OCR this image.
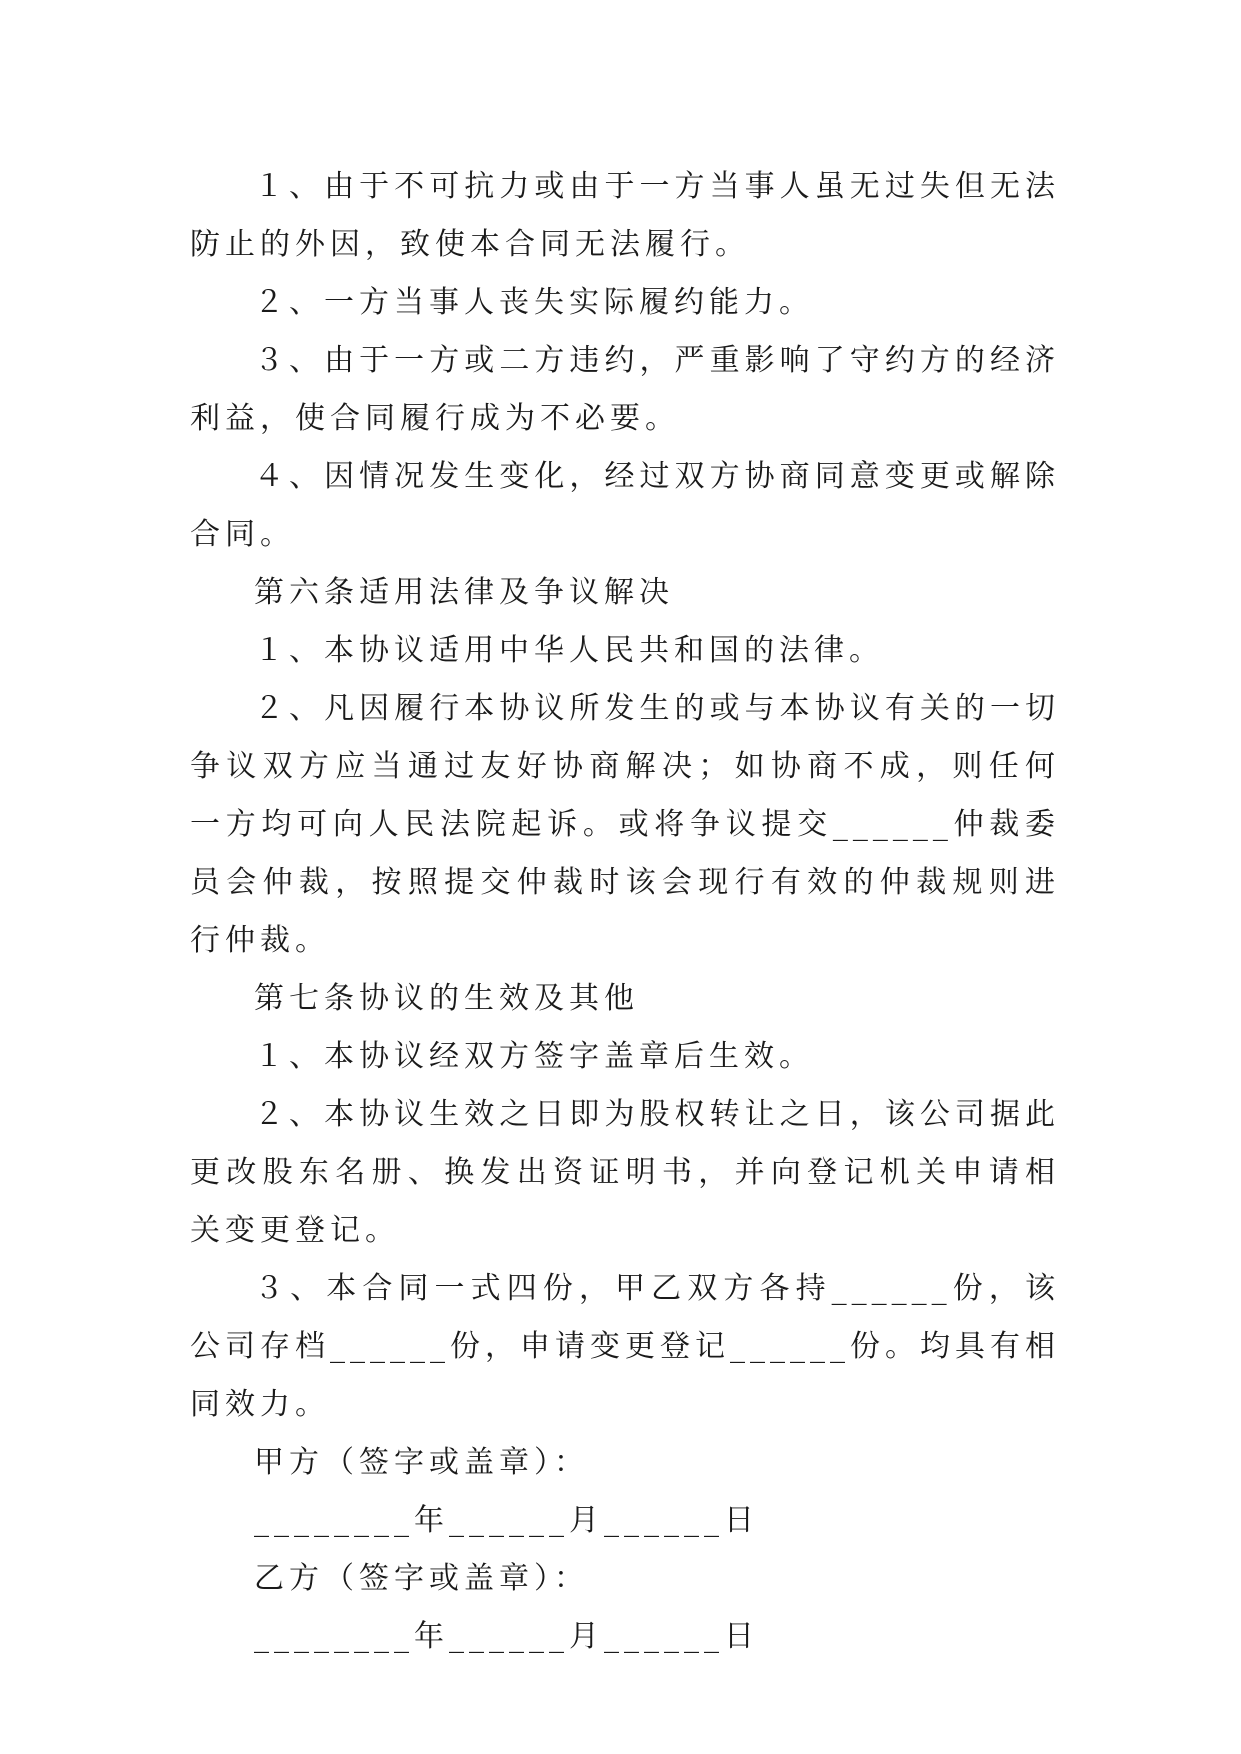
１、由于不可抗力或由于一方当事人虽无过失但无法防止的外因，致使本合同无法履行。

２、一方当事人丧失实际履约能力。

３、由于一方或二方违约，严重影响了守约方的经济利益，使合同履行成为不必要。

４、因情况发生变化，经过双方协商同意变更或解除合同。

第六条适用法律及争议解决

１、本协议适用中华人民共和国的法律。

２、凡因履行本协议所发生的或与本协议有关的一切争议双方应当通过友好协商解决；如协商不成，则任何一方均可向人民法院起诉。或将争议提交______仲裁委员会仲裁，按照提交仲裁时该会现行有效的仲裁规则进行仲裁。

第七条协议的生效及其他

１、本协议经双方签字盖章后生效。

２、本协议生效之日即为股权转让之日，该公司据此更改股东名册、换发出资证明书，并向登记机关申请相关变更登记。

３、本合同一式四份，甲乙双方各持______份，该公司存档______份，申请变更登记______份。均具有相同效力。

甲方（签字或盖章）：

________年______月______日

乙方（签字或盖章）：

________年______月______日
